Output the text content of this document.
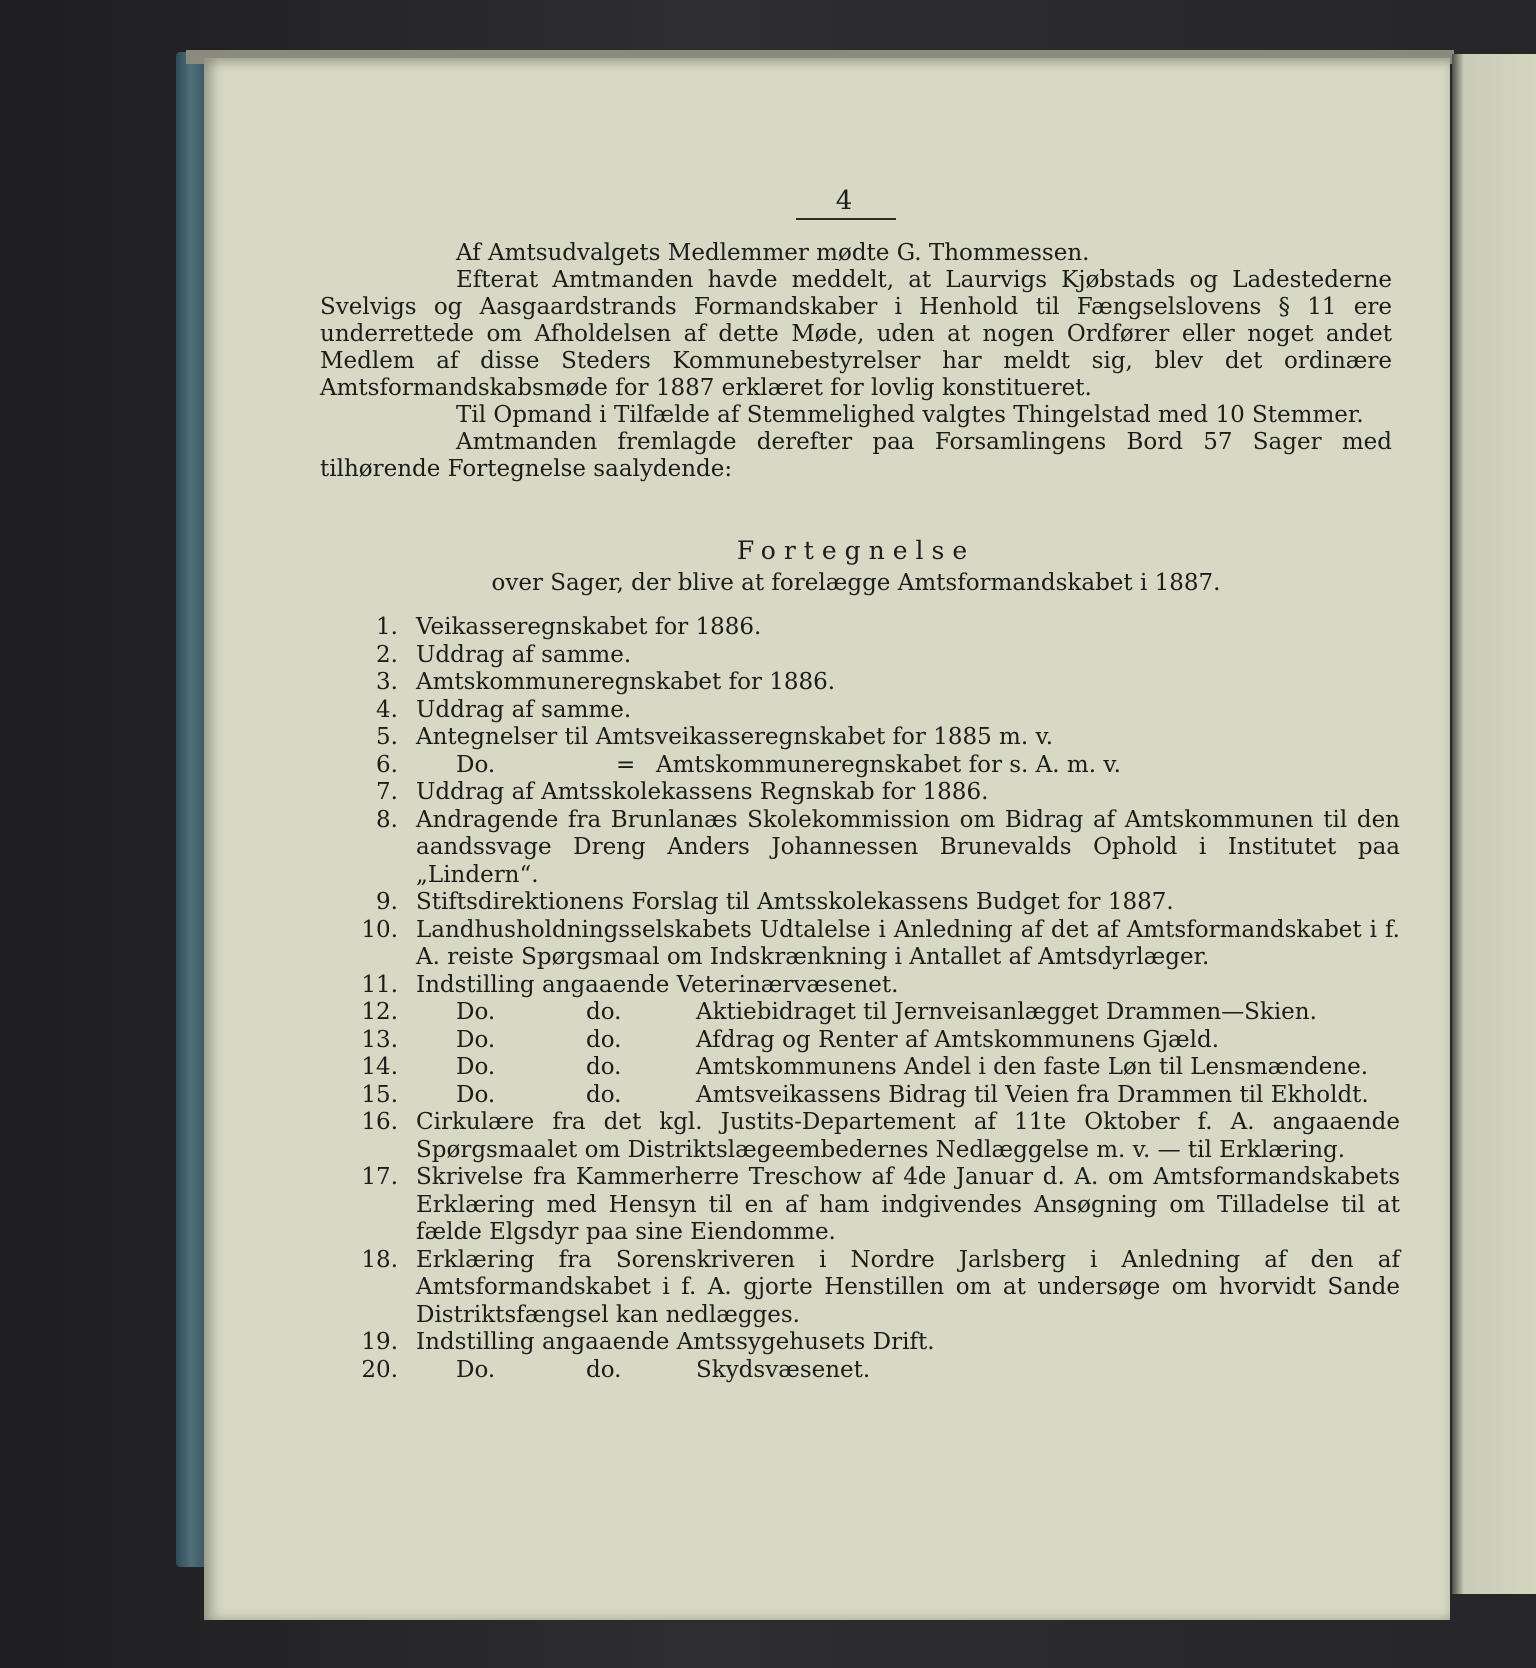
4

Af Amtsudvalgets Medlemmer mødte G. Thommessen.

Efterat Amtmanden havde meddelt, at Laurvigs Kjøbstads og Ladestederne Svelvigs og Aasgaardstrands Formandskaber i Henhold til Fængselslovens § 11 ere underrettede om Afholdelsen af dette Møde, uden at nogen Ordfører eller noget andet Medlem af disse Steders Kommunebestyrelser har meldt sig, blev det ordinære Amtsformandskabsmøde for 1887 erklæret for lovlig konstitueret.

Til Opmand i Tilfælde af Stemmelighed valgtes Thingelstad med 10 Stemmer.

Amtmanden fremlagde derefter paa Forsamlingens Bord 57 Sager med tilhørende Fortegnelse saalydende:

Fortegnelse
over Sager, der blive at forelægge Amtsformandskabet i 1887.
1. Veikasseregnskabet for 1886.
2. Uddrag af samme.
3. Amtskommuneregnskabet for 1886.
4. Uddrag af samme.
5. Antegnelser til Amtsveikasseregnskabet for 1885 m. v.
6.	Do.	= Amtskommuneregnskabet for s. A. m. v.
7. Uddrag af Amtsskolekassens Regnskab for 1886.
8. Andragende fra Brunlanæs Skolekommission om Bidrag af Amtskommunen til den aandssvage Dreng Anders Johannessen Brunevalds Ophold i Institutet paa „Lindern“.
9. Stiftsdirektionens Forslag til Amtsskolekassens Budget for 1887.
10. Landhusholdningsselskabets Udtalelse i Anledning af det af Amtsformandskabet i f. A. reiste Spørgsmaal om Indskrænkning i Antallet af Amtsdyrlæger.
11. Indstilling angaaende Veterinærvæsenet.
12.	Do.	do.	Aktiebidraget til Jernveisanlægget Drammen—Skien.
13.	Do.	do.	Afdrag og Renter af Amtskommunens Gjæld.
14.	Do.	do.	Amtskommunens Andel i den faste Løn til Lensmændene.
15.	Do.	do.	Amtsveikassens Bidrag til Veien fra Drammen til Ekholdt.
16. Cirkulære fra det kgl. Justits-Departement af 11te Oktober f. A. angaaende Spørgsmaalet om Distriktslægeembedernes Nedlæggelse m. v. — til Erklæring.
17. Skrivelse fra Kammerherre Treschow af 4de Januar d. A. om Amtsformandskabets Erklæring med Hensyn til en af ham indgivendes Ansøgning om Tilladelse til at fælde Elgsdyr paa sine Eiendomme.
18. Erklæring fra Sorenskriveren i Nordre Jarlsberg i Anledning af den af Amtsformandskabet i f. A. gjorte Henstillen om at undersøge om hvorvidt Sande Distriktsfængsel kan nedlægges.
19. Indstilling angaaende Amtssygehusets Drift.
20.	Do.	do.	Skydsvæsenet.
